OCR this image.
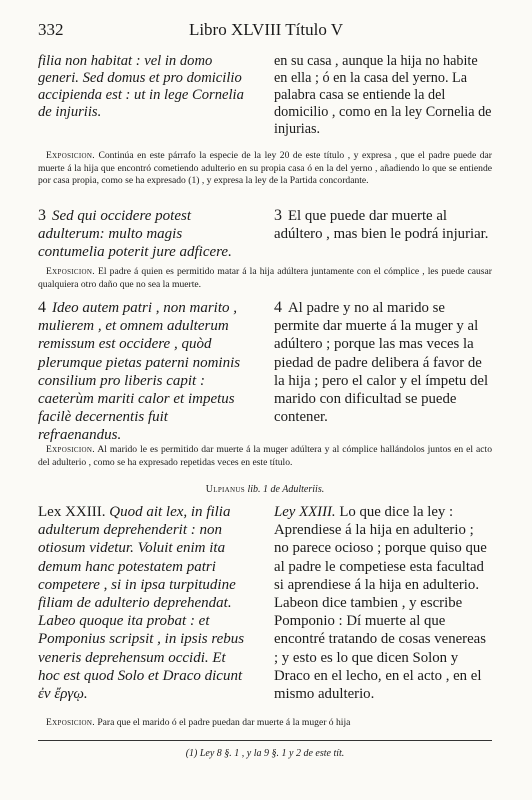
332	Libro XLVIII Título V
filia non habitat : vel in domo generi. Sed domus et pro domicilio accipienda est : ut in lege Cornelia de injuriis.
en su casa , aunque la hija no habite en ella ; ó en la casa del yerno. La palabra casa se entiende la del domicilio , como en la ley Cornelia de injurias.
Exposicion. Continúa en este párrafo la especie de la ley 20 de este título , y expresa , que el padre puede dar muerte á la hija que encontró cometiendo adulterio en su propia casa ó en la del yerno , añadiendo lo que se entiende por casa propia, como se ha expresado (1) , y expresa la ley de la Partida concordante.
3 Sed qui occidere potest adulterum: multo magis contumelia poterit jure adficere.
3 El que puede dar muerte al adúltero , mas bien le podrá injuriar.
Exposicion. El padre á quien es permitido matar á la hija adúltera juntamente con el cómplice , les puede causar qualquiera otro daño que no sea la muerte.
4 Ideo autem patri , non marito , mulierem , et omnem adulterum remissum est occidere , quòd plerumque pietas paterni nominis consilium pro liberis capit : caeterùm mariti calor et impetus facilè decernentis fuit refraenandus.
4 Al padre y no al marido se permite dar muerte á la muger y al adúltero ; porque las mas veces la piedad de padre delibera á favor de la hija ; pero el calor y el ímpetu del marido con dificultad se puede contener.
Exposicion. Al marido le es permitido dar muerte á la muger adúltera y al cómplice hallándolos juntos en el acto del adulterio , como se ha expresado repetidas veces en este título.
Ulpianus lib. 1 de Adulteriis.
Lex XXIII. Quod ait lex, in filia adulterum deprehenderit : non otiosum videtur. Voluit enim ita demum hanc potestatem patri competere , si in ipsa turpitudine filiam de adulterio deprehendat. Labeo quoque ita probat : et Pomponius scripsit , in ipsis rebus veneris deprehensum occidi. Et hoc est quod Solo et Draco dicunt ἐν ἔργῳ.
Ley XXIII. Lo que dice la ley : Aprendiese á la hija en adulterio ; no parece ocioso ; porque quiso que al padre le competiese esta facultad si aprendiese á la hija en adulterio. Labeon dice tambien , y escribe Pomponio : Dí muerte al que encontré tratando de cosas venereas ; y esto es lo que dicen Solon y Draco en el lecho, en el acto , en el mismo adulterio.
Exposicion. Para que el marido ó el padre puedan dar muerte á la muger ó hija
(1) Ley 8 §. 1 , y la 9 §. 1 y 2 de este tít.
